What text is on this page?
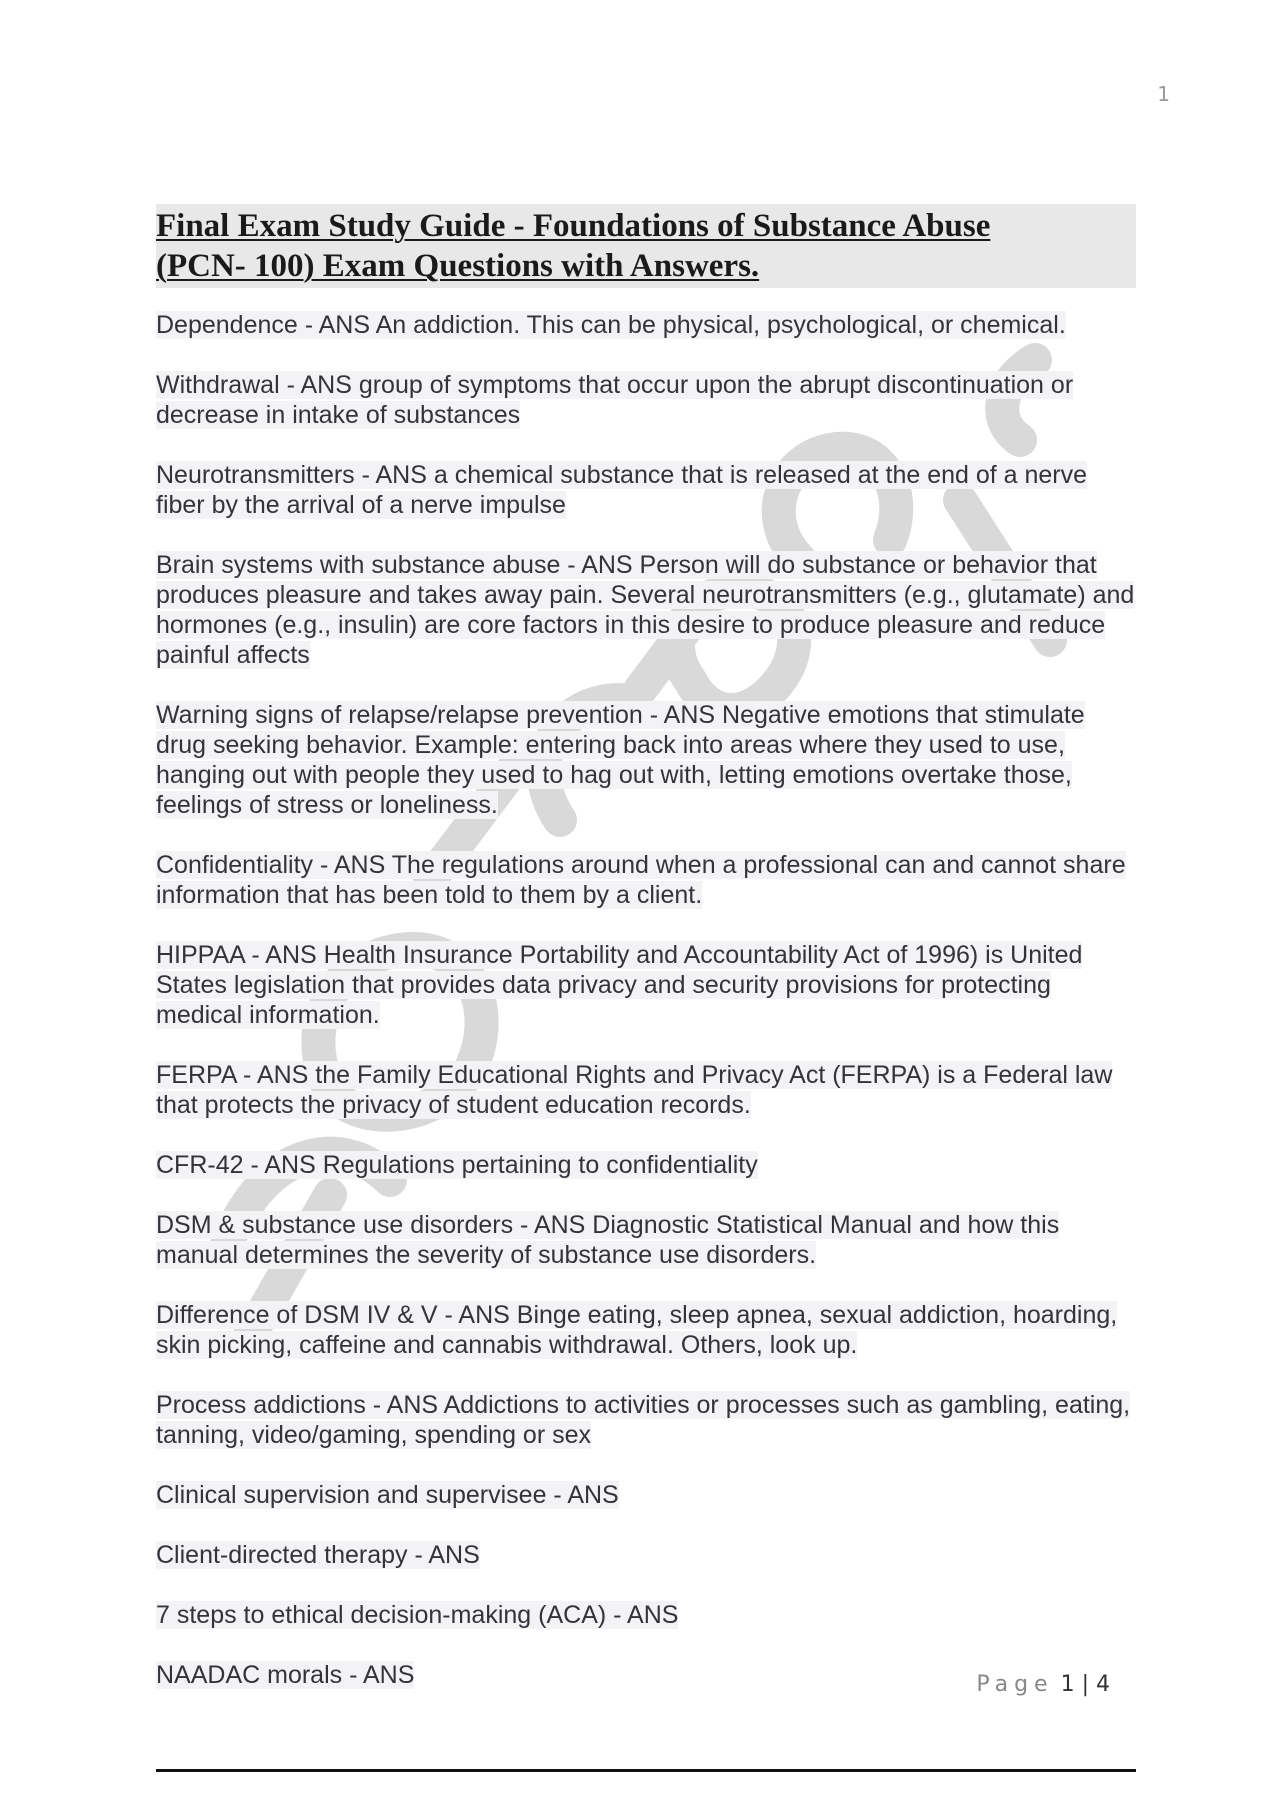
1
Final Exam Study Guide - Foundations of Substance Abuse
(PCN- 100) Exam Questions with Answers.
Dependence - ANS An addiction. This can be physical, psychological, or chemical.
Withdrawal - ANS group of symptoms that occur upon the abrupt discontinuation or decrease in intake of substances
Neurotransmitters - ANS a chemical substance that is released at the end of a nerve fiber by the arrival of a nerve impulse
Brain systems with substance abuse - ANS Person will do substance or behavior that produces pleasure and takes away pain. Several neurotransmitters (e.g., glutamate) and hormones (e.g., insulin) are core factors in this desire to produce pleasure and reduce painful affects
Warning signs of relapse/relapse prevention - ANS Negative emotions that stimulate drug seeking behavior. Example: entering back into areas where they used to use, hanging out with people they used to hag out with, letting emotions overtake those, feelings of stress or loneliness.
Confidentiality - ANS The regulations around when a professional can and cannot share information that has been told to them by a client.
HIPPAA - ANS Health Insurance Portability and Accountability Act of 1996) is United States legislation that provides data privacy and security provisions for protecting medical information.
FERPA - ANS the Family Educational Rights and Privacy Act (FERPA) is a Federal law that protects the privacy of student education records.
CFR-42 - ANS Regulations pertaining to confidentiality
DSM & substance use disorders - ANS Diagnostic Statistical Manual and how this manual determines the severity of substance use disorders.
Difference of DSM IV & V - ANS Binge eating, sleep apnea, sexual addiction, hoarding, skin picking, caffeine and cannabis withdrawal. Others, look up.
Process addictions - ANS Addictions to activities or processes such as gambling, eating, tanning, video/gaming, spending or sex
Clinical supervision and supervisee - ANS
Client-directed therapy - ANS
7 steps to ethical decision-making (ACA) - ANS
NAADAC morals - ANS	Page 1 | 4
